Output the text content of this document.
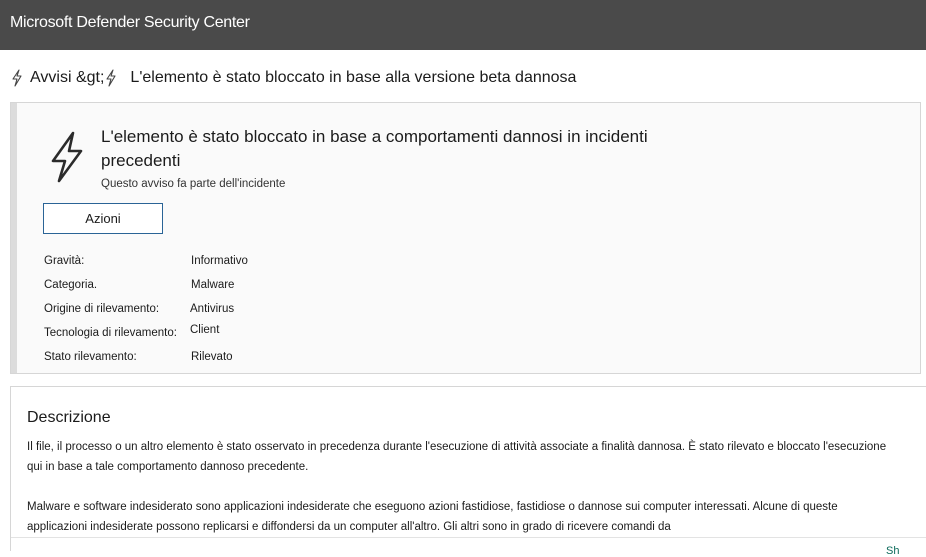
Microsoft Defender Security Center
Avvisi &gt; L'elemento è stato bloccato in base alla versione beta dannosa
L'elemento è stato bloccato in base a comportamenti dannosi in incidenti precedenti
Questo avviso fa parte dell'incidente
Azioni
Gravità:	Informativo
Categoria.	Malware
Origine di rilevamento:	Antivirus
Tecnologia di rilevamento: Client
Stato rilevamento:	Rilevato
Descrizione
Il file, il processo o un altro elemento è stato osservato in precedenza durante l'esecuzione di attività associate a finalità dannosa. È stato rilevato e bloccato l'esecuzione qui in base a tale comportamento dannoso precedente.
Malware e software indesiderato sono applicazioni indesiderate che eseguono azioni fastidiose, fastidiose o dannose sui computer interessati. Alcune di queste applicazioni indesiderate possono replicarsi e diffondersi da un computer all'altro. Gli altri sono in grado di ricevere comandi da
Sh
